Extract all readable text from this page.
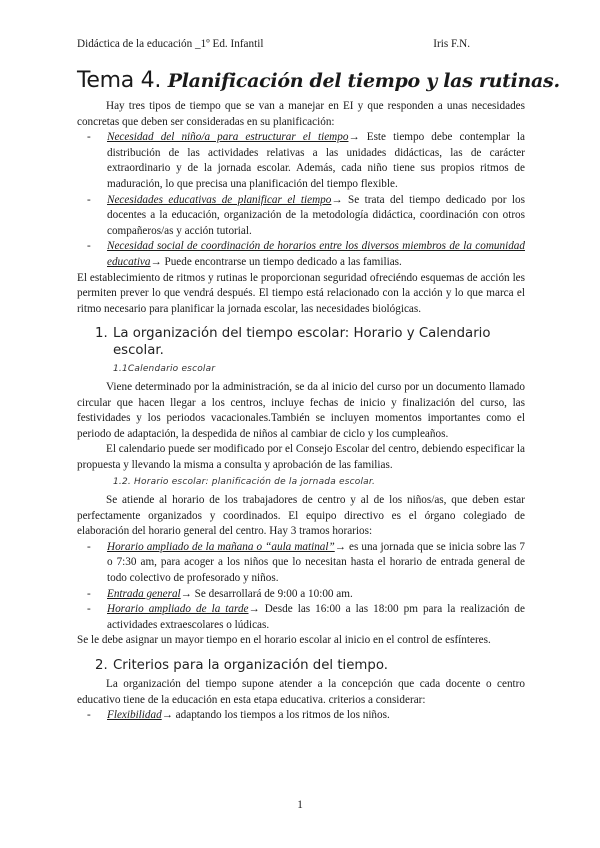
Didáctica de la educación _1º Ed. Infantil	Iris F.N.
Tema 4. Planificación del tiempo y las rutinas.

Hay tres tipos de tiempo que se van a manejar en EI y que responden a unas necesidades concretas que deben ser consideradas en su planificación:

- Necesidad del niño/a para estructurar el tiempo→ Este tiempo debe contemplar la distribución de las actividades relativas a las unidades didácticas, las de carácter extraordinario y de la jornada escolar. Además, cada niño tiene sus propios ritmos de maduración, lo que precisa una planificación del tiempo flexible.
- Necesidades educativas de planificar el tiempo→ Se trata del tiempo dedicado por los docentes a la educación, organización de la metodología didáctica, coordinación con otros compañeros/as y acción tutorial.
- Necesidad social de coordinación de horarios entre los diversos miembros de la comunidad educativa→ Puede encontrarse un tiempo dedicado a las familias.

El establecimiento de ritmos y rutinas le proporcionan seguridad ofreciéndo esquemas de acción les permiten prever lo que vendrá después. El tiempo está relacionado con la acción y lo que marca el ritmo necesario para planificar la jornada escolar, las necesidades biológicas.

1. La organización del tiempo escolar: Horario y Calendario escolar.
1.1Calendario escolar

Viene determinado por la administración, se da al inicio del curso por un documento llamado circular que hacen llegar a los centros, incluye fechas de inicio y finalización del curso, las festividades y los periodos vacacionales.También se incluyen momentos importantes como el periodo de adaptación, la despedida de niños al cambiar de ciclo y los cumpleaños.

El calendario puede ser modificado por el Consejo Escolar del centro, debiendo especificar la propuesta y llevando la misma a consulta y aprobación de las familias.

1.2. Horario escolar: planificación de la jornada escolar.

Se atiende al horario de los trabajadores de centro y al de los niños/as, que deben estar perfectamente organizados y coordinados. El equipo directivo es el órgano colegiado de elaboración del horario general del centro. Hay 3 tramos horarios:

- Horario ampliado de la mañana o “aula matinal”→ es una jornada que se inicia sobre las 7 o 7:30 am, para acoger a los niños que lo necesitan hasta el horario de entrada general de todo colectivo de profesorado y niños.
- Entrada general→ Se desarrollará de 9:00 a 10:00 am.
- Horario ampliado de la tarde→ Desde las 16:00 a las 18:00 pm para la realización de actividades extraescolares o lúdicas.

Se le debe asignar un mayor tiempo en el horario escolar al inicio en el control de esfínteres.

2. Criterios para la organización del tiempo.

La organización del tiempo supone atender a la concepción que cada docente o centro educativo tiene de la educación en esta etapa educativa. criterios a considerar:

- Flexibilidad→ adaptando los tiempos a los ritmos de los niños.
1
